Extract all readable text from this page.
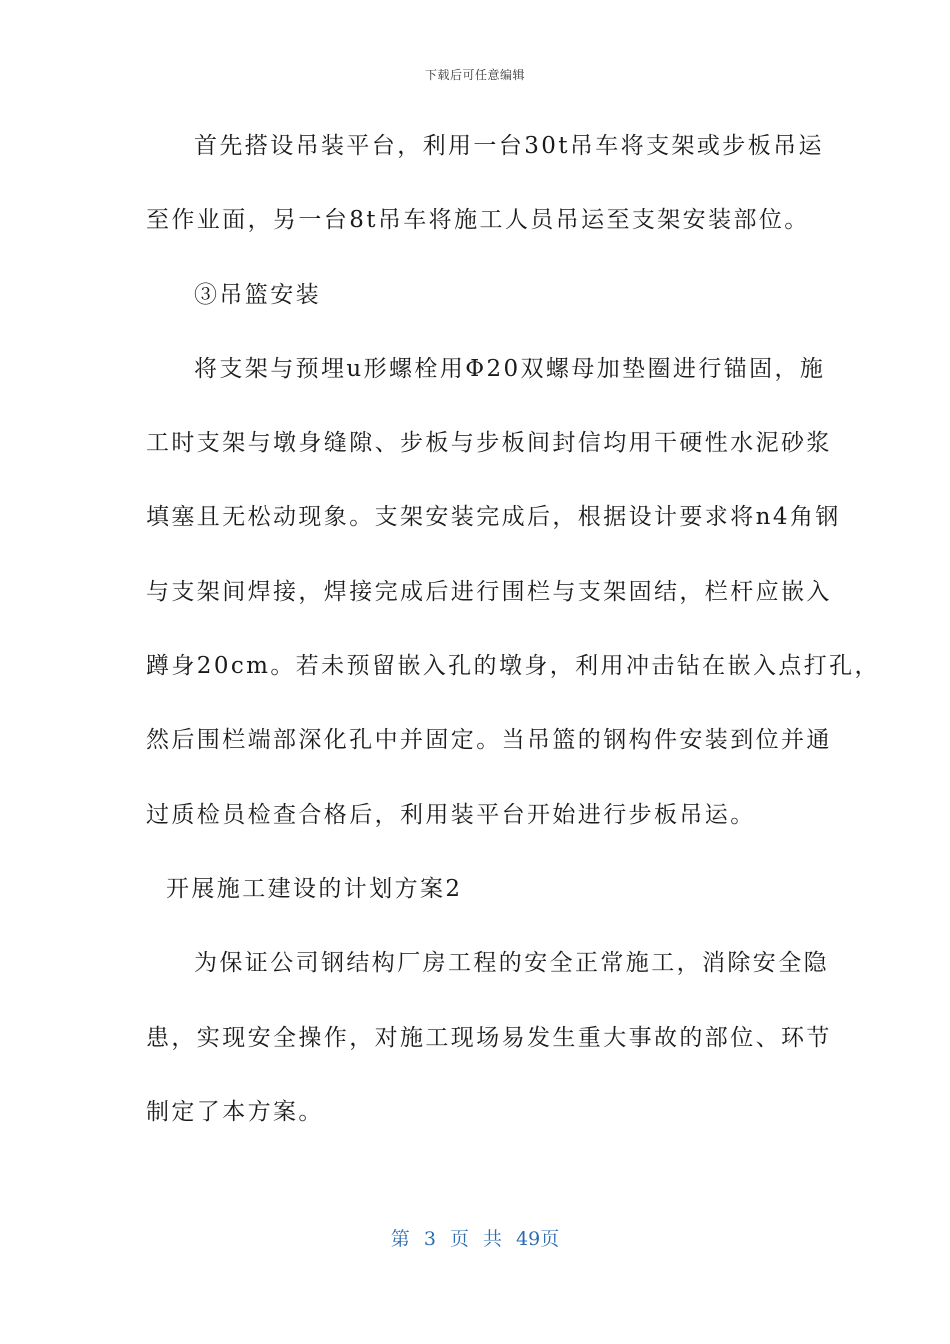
下载后可任意编辑
首先搭设吊装平台，利用一台30t吊车将支架或步板吊运
至作业面，另一台8t吊车将施工人员吊运至支架安装部位。
③吊篮安装
将支架与预埋u形螺栓用Φ20双螺母加垫圈进行锚固，施
工时支架与墩身缝隙、步板与步板间封信均用干硬性水泥砂浆
填塞且无松动现象。支架安装完成后，根据设计要求将n4角钢
与支架间焊接，焊接完成后进行围栏与支架固结，栏杆应嵌入
蹲身20cm。若未预留嵌入孔的墩身，利用冲击钻在嵌入点打孔，
然后围栏端部深化孔中并固定。当吊篮的钢构件安装到位并通
过质检员检查合格后，利用装平台开始进行步板吊运。
开展施工建设的计划方案2
为保证公司钢结构厂房工程的安全正常施工，消除安全隐
患，实现安全操作，对施工现场易发生重大事故的部位、环节
制定了本方案。
第 3 页 共 49页
